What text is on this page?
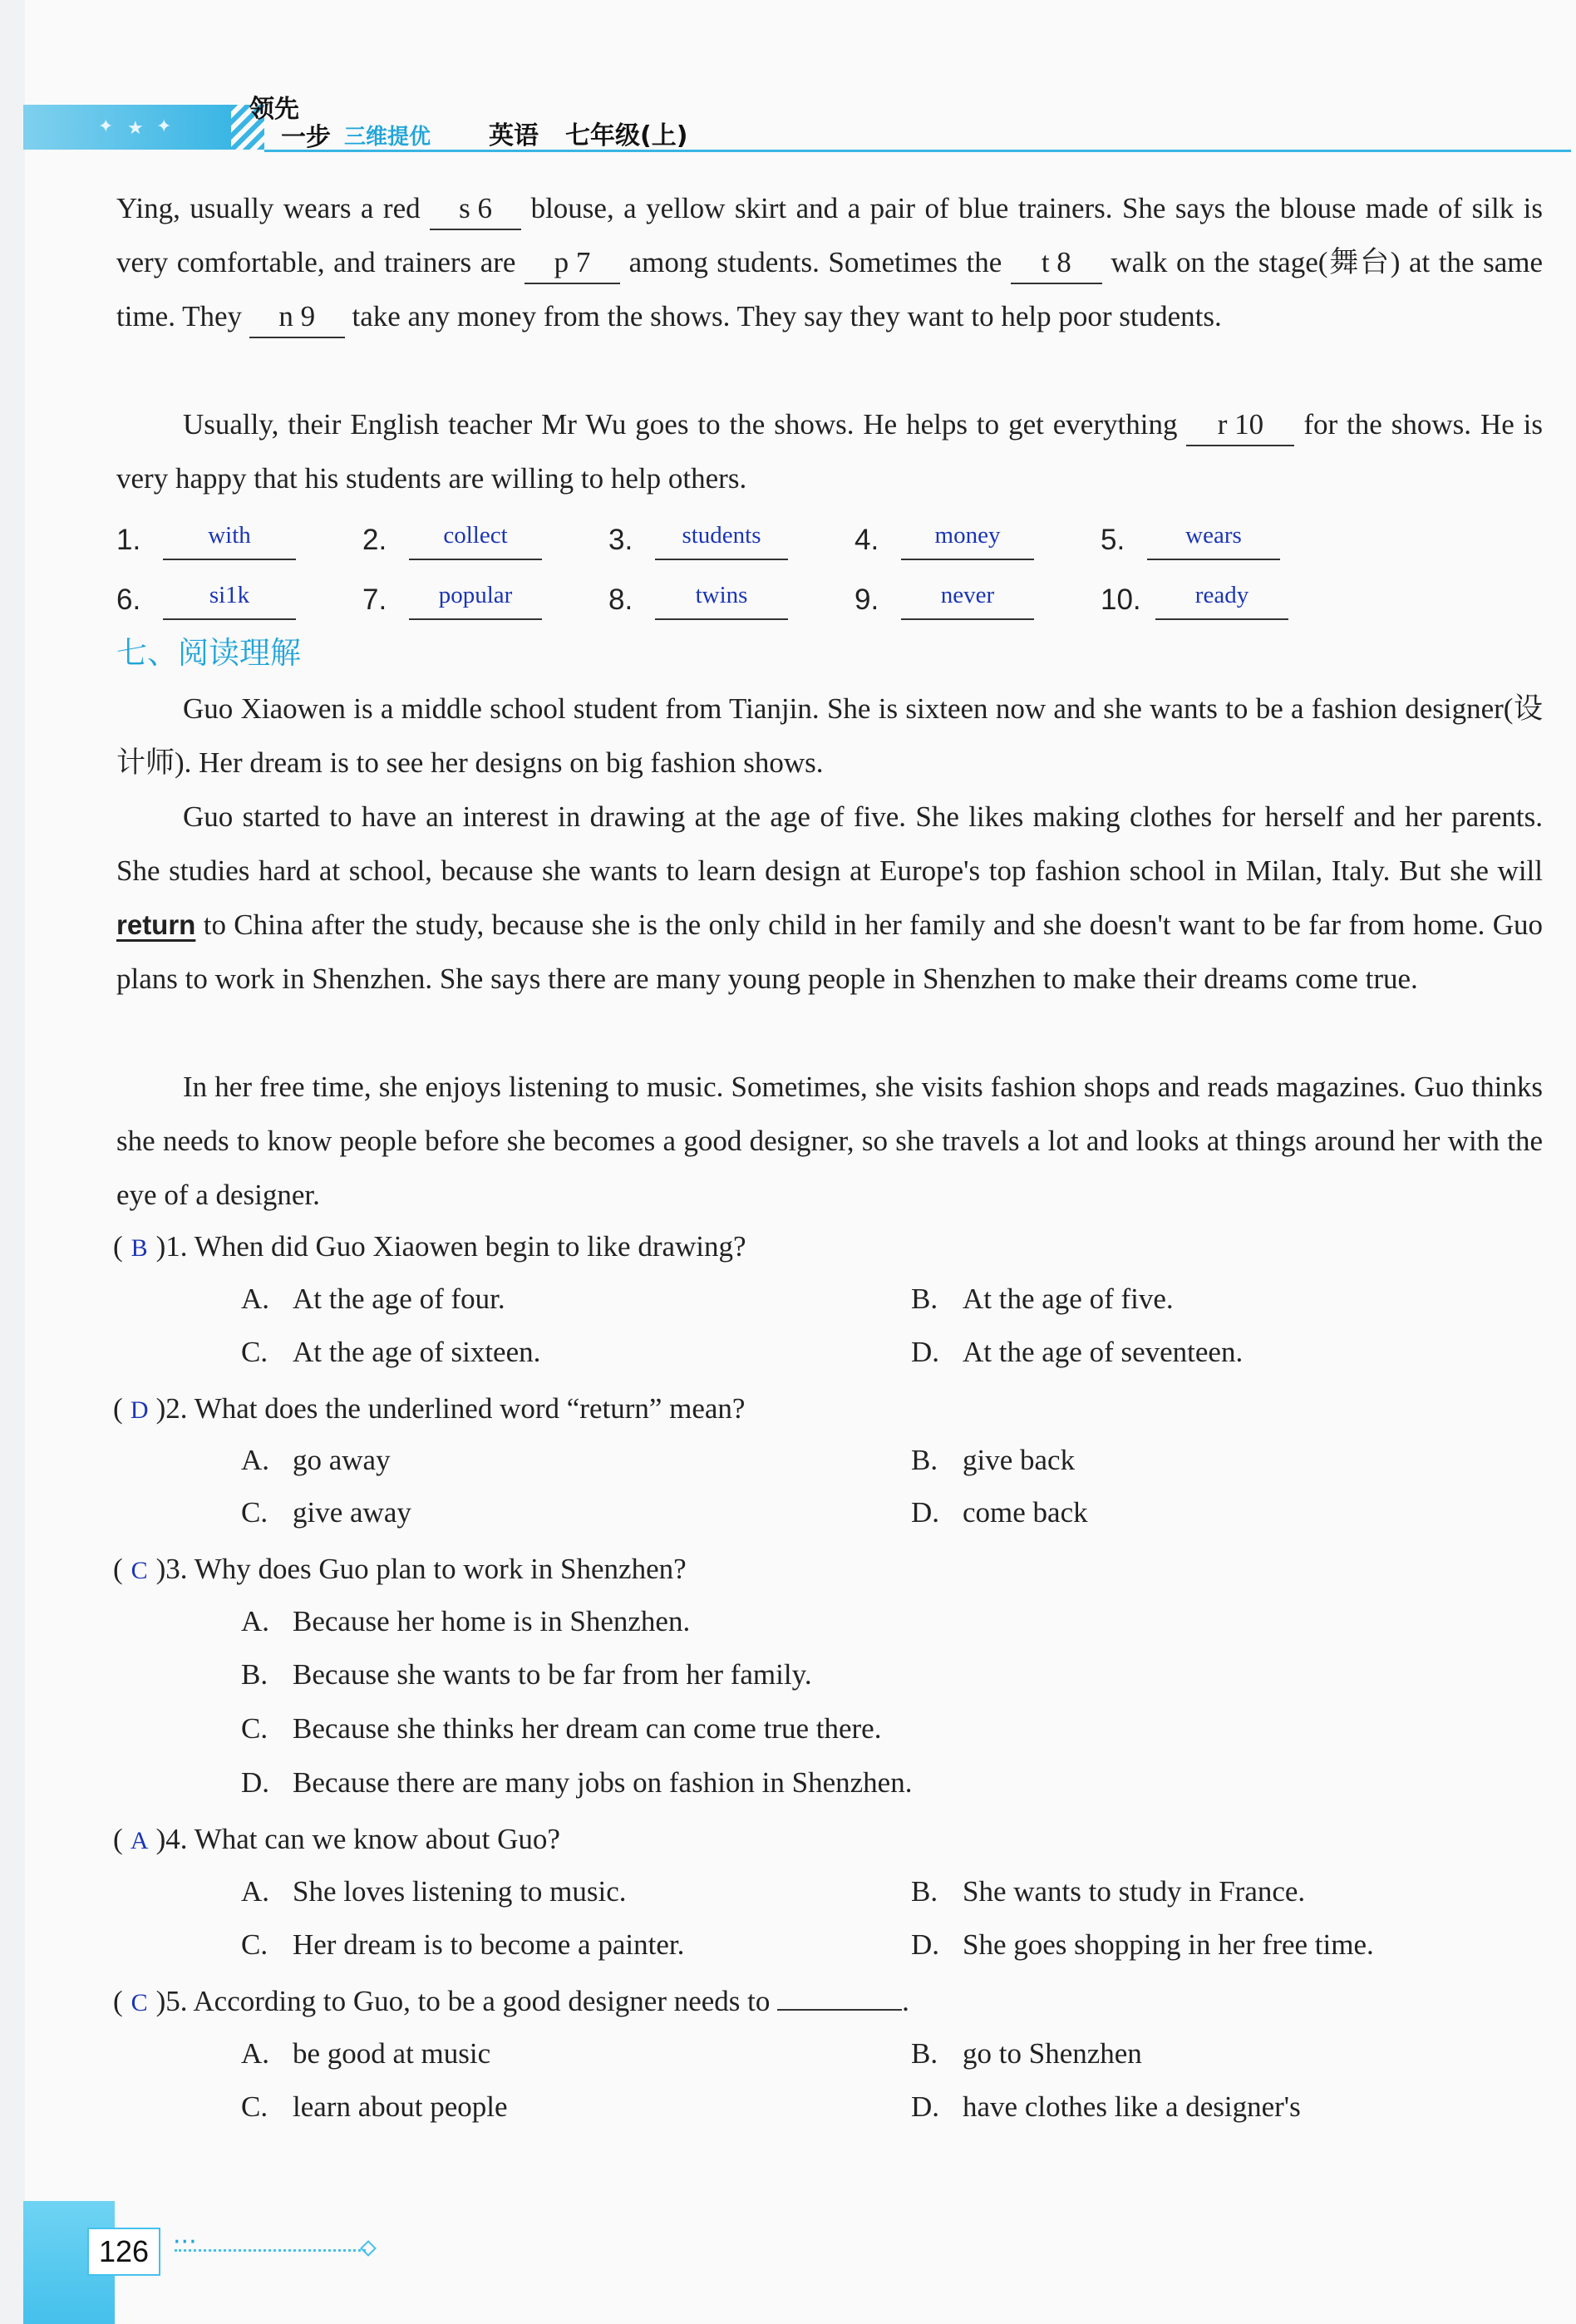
✦ ★ ✦
领先
一步 三维提优 英语 七年级(上)
Ying, usually wears a red s 6 blouse, a yellow skirt and a pair of blue trainers. She says the blouse made of silk is very comfortable, and trainers are p 7 among students. Sometimes the t 8 walk on the stage(舞台) at the same time. They n 9 take any money from the shows. They say they want to help poor students.
Usually, their English teacher Mr Wu goes to the shows. He helps to get everything r 10 for the shows. He is very happy that his students are willing to help others.
1.	with	2.	collect	3.	students	4.	money	5.	wears
6.	si1k	7.	popular	8.	twins	9.	never	10.	ready
七、阅读理解
Guo Xiaowen is a middle school student from Tianjin. She is sixteen now and she wants to be a fashion designer(设计师). Her dream is to see her designs on big fashion shows.
Guo started to have an interest in drawing at the age of five. She likes making clothes for herself and her parents. She studies hard at school, because she wants to learn design at Europe's top fashion school in Milan, Italy. But she will return to China after the study, because she is the only child in her family and she doesn't want to be far from home. Guo plans to work in Shenzhen. She says there are many young people in Shenzhen to make their dreams come true.
In her free time, she enjoys listening to music. Sometimes, she visits fashion shops and reads magazines. Guo thinks she needs to know people before she becomes a good designer, so she travels a lot and looks at things around her with the eye of a designer.
( B )1. When did Guo Xiaowen begin to like drawing?
A. At the age of four.	B. At the age of five.
C. At the age of sixteen.	D. At the age of seventeen.
( D )2. What does the underlined word “return” mean?
A. go away	B. give back
C. give away	D. come back
( C )3. Why does Guo plan to work in Shenzhen?
A. Because her home is in Shenzhen.
B. Because she wants to be far from her family.
C. Because she thinks her dream can come true there.
D. Because there are many jobs on fashion in Shenzhen.
( A )4. What can we know about Guo?
A. She loves listening to music.	B. She wants to study in France.
C. Her dream is to become a painter.	D. She goes shopping in her free time.
( C )5. According to Guo, to be a good designer needs to	.
A. be good at music	B. go to Shenzhen
C. learn about people	D. have clothes like a designer's
126 ···
